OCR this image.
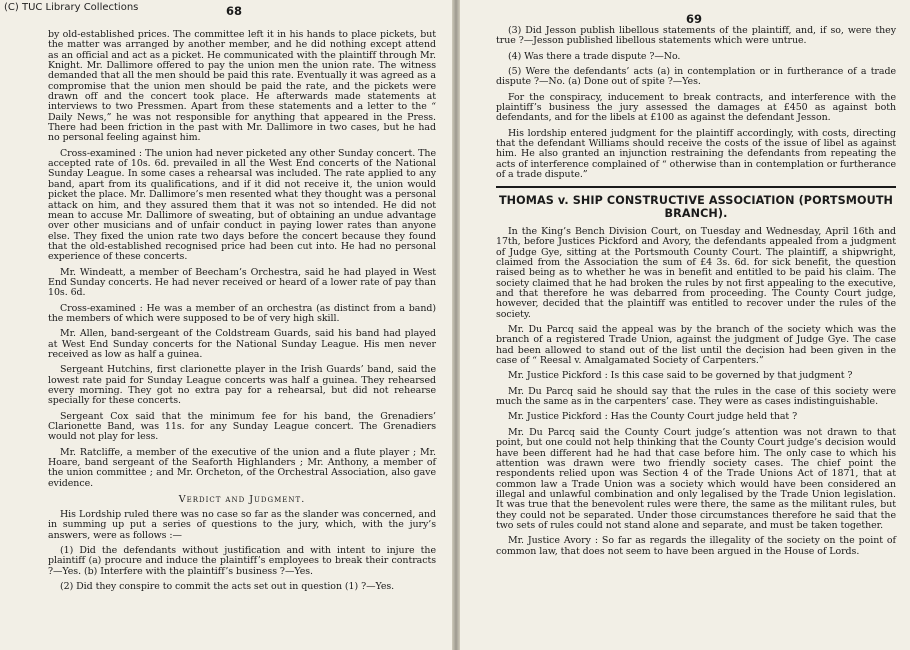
(C) TUC Library Collections	68

by old-established prices. The committee left it in his hands to place pickets, but the matter was arranged by another member, and he did nothing except attend as an official and act as a picket. He communicated with the plaintiff through Mr. Knight. Mr. Dallimore offered to pay the union men the union rate. The witness demanded that all the men should be paid this rate. Eventually it was agreed as a compromise that the union men should be paid the rate, and the pickets were drawn off and the concert took place. He afterwards made statements at interviews to two Pressmen. Apart from these statements and a letter to the “ Daily News,” he was not responsible for anything that appeared in the Press. There had been friction in the past with Mr. Dallimore in two cases, but he had no personal feeling against him.

Cross-examined : The union had never picketed any other Sunday concert. The accepted rate of 10s. 6d. prevailed in all the West End concerts of the National Sunday League. In some cases a rehearsal was included. The rate applied to any band, apart from its qualifications, and if it did not receive it, the union would picket the place. Mr. Dallimore’s men resented what they thought was a personal attack on him, and they assured them that it was not so intended. He did not mean to accuse Mr. Dallimore of sweating, but of obtaining an undue advantage over other musicians and of unfair conduct in paying lower rates than anyone else. They fixed the union rate two days before the concert because they found that the old-established recognised price had been cut into. He had no personal experience of these concerts.

Mr. Windeatt, a member of Beecham’s Orchestra, said he had played in West End Sunday concerts. He had never received or heard of a lower rate of pay than 10s. 6d.

Cross-examined : He was a member of an orchestra (as distinct from a band) the members of which were supposed to be of very high skill.

Mr. Allen, band-sergeant of the Coldstream Guards, said his band had played at West End Sunday concerts for the National Sunday League. His men never received as low as half a guinea.

Sergeant Hutchins, first clarionette player in the Irish Guards’ band, said the lowest rate paid for Sunday League concerts was half a guinea. They rehearsed every morning. They got no extra pay for a rehearsal, but did not rehearse specially for these concerts.

Sergeant Cox said that the minimum fee for his band, the Grenadiers’ Clarionette Band, was 11s. for any Sunday League concert. The Grenadiers would not play for less.

Mr. Ratcliffe, a member of the executive of the union and a flute player ; Mr. Hoare, band sergeant of the Seaforth Highlanders ; Mr. Anthony, a member of the union committee ; and Mr. Orcheton, of the Orchestral Association, also gave evidence.

Verdict and Judgment.

His Lordship ruled there was no case so far as the slander was concerned, and in summing up put a series of questions to the jury, which, with the jury’s answers, were as follows :—

(1) Did the defendants without justification and with intent to injure the plaintiff (a) procure and induce the plaintiff’s employees to break their contracts ?—Yes. (b) Interfere with the plaintiff’s business ?—Yes.

(2) Did they conspire to commit the acts set out in question (1) ?—Yes.

69

(3) Did Jesson publish libellous statements of the plaintiff, and, if so, were they true ?—Jesson published libellous statements which were untrue.

(4) Was there a trade dispute ?—No.

(5) Were the defendants’ acts (a) in contemplation or in furtherance of a trade dispute ?—No. (a) Done out of spite ?—Yes.

For the conspiracy, inducement to break contracts, and interference with the plaintiff’s business the jury assessed the damages at £450 as against both defendants, and for the libels at £100 as against the defendant Jesson.

His lordship entered judgment for the plaintiff accordingly, with costs, directing that the defendant Williams should receive the costs of the issue of libel as against him. He also granted an injunction restraining the defendants from repeating the acts of interference complained of “ otherwise than in contemplation or furtherance of a trade dispute.”

THOMAS v. SHIP CONSTRUCTIVE ASSOCIATION (PORTSMOUTH BRANCH).

In the King’s Bench Division Court, on Tuesday and Wednesday, April 16th and 17th, before Justices Pickford and Avory, the defendants appealed from a judgment of Judge Gye, sitting at the Portsmouth County Court. The plaintiff, a shipwright, claimed from the Association the sum of £4 3s. 6d. for sick benefit, the question raised being as to whether he was in benefit and entitled to be paid his claim. The society claimed that he had broken the rules by not first appealing to the executive, and that therefore he was debarred from proceeding. The County Court judge, however, decided that the plaintiff was entitled to recover under the rules of the society.

Mr. Du Parcq said the appeal was by the branch of the society which was the branch of a registered Trade Union, against the judgment of Judge Gye. The case had been allowed to stand out of the list until the decision had been given in the case of “ Reesal v. Amalgamated Society of Carpenters.”

Mr. Justice Pickford : Is this case said to be governed by that judgment ?

Mr. Du Parcq said he should say that the rules in the case of this society were much the same as in the carpenters’ case. They were as cases indistinguishable.

Mr. Justice Pickford : Has the County Court judge held that ?

Mr. Du Parcq said the County Court judge’s attention was not drawn to that point, but one could not help thinking that the County Court judge’s decision would have been different had he had that case before him. The only case to which his attention was drawn were two friendly society cases. The chief point the respondents relied upon was Section 4 of the Trade Unions Act of 1871, that at common law a Trade Union was a society which would have been considered an illegal and unlawful combination and only legalised by the Trade Union legislation. It was true that the benevolent rules were there, the same as the militant rules, but they could not be separated. Under those circumstances therefore he said that the two sets of rules could not stand alone and separate, and must be taken together.

Mr. Justice Avory : So far as regards the illegality of the society on the point of common law, that does not seem to have been argued in the House of Lords.
